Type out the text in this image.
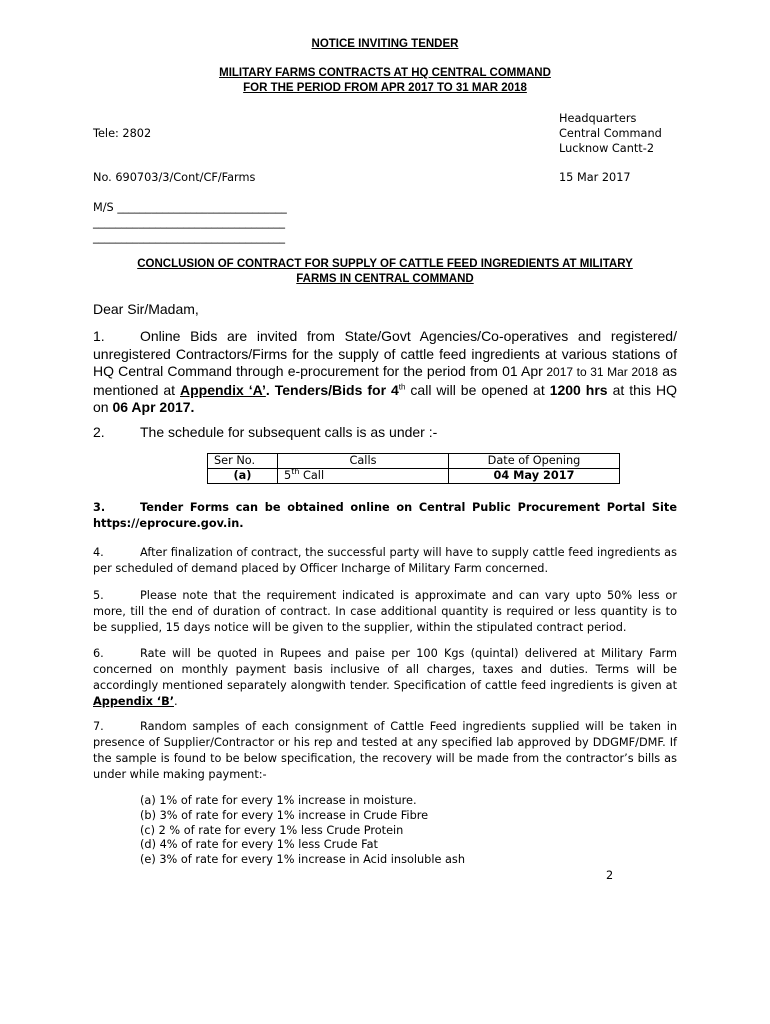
NOTICE INVITING TENDER
MILITARY FARMS CONTRACTS AT HQ CENTRAL COMMAND
FOR THE PERIOD FROM APR 2017 TO 31 MAR 2018
Headquarters
Tele: 2802	Central Command
Lucknow Cantt-2
No. 690703/3/Cont/CF/Farms	15 Mar 2017
M/S ______________________________
__________________________________
__________________________________
CONCLUSION OF CONTRACT FOR SUPPLY OF CATTLE FEED INGREDIENTS AT MILITARY
FARMS IN CENTRAL COMMAND
Dear Sir/Madam,
1.	Online Bids are invited from State/Govt Agencies/Co-operatives and registered/ unregistered Contractors/Firms for the supply of cattle feed ingredients at various stations of HQ Central Command through e-procurement for the period from 01 Apr 2017 to 31 Mar 2018 as mentioned at Appendix ‘A’. Tenders/Bids for 4th call will be opened at 1200 hrs at this HQ on 06 Apr 2017.
2.	The schedule for subsequent calls is as under :-
Ser No.	Calls	Date of Opening
(a)	5th Call	04 May 2017
3.	Tender Forms can be obtained online on Central Public Procurement Portal Site https://eprocure.gov.in.
4.	After finalization of contract, the successful party will have to supply cattle feed ingredients as per scheduled of demand placed by Officer Incharge of Military Farm concerned.
5.	Please note that the requirement indicated is approximate and can vary upto 50% less or more, till the end of duration of contract. In case additional quantity is required or less quantity is to be supplied, 15 days notice will be given to the supplier, within the stipulated contract period.
6.	Rate will be quoted in Rupees and paise per 100 Kgs (quintal) delivered at Military Farm concerned on monthly payment basis inclusive of all charges, taxes and duties. Terms will be accordingly mentioned separately alongwith tender. Specification of cattle feed ingredients is given at Appendix ‘B’.
7.	Random samples of each consignment of Cattle Feed ingredients supplied will be taken in presence of Supplier/Contractor or his rep and tested at any specified lab approved by DDGMF/DMF. If the sample is found to be below specification, the recovery will be made from the contractor’s bills as under while making payment:-
(a) 1% of rate for every 1% increase in moisture.
(b) 3% of rate for every 1% increase in Crude Fibre
(c) 2 % of rate for every 1% less Crude Protein
(d) 4% of rate for every 1% less Crude Fat
(e) 3% of rate for every 1% increase in Acid insoluble ash
2
